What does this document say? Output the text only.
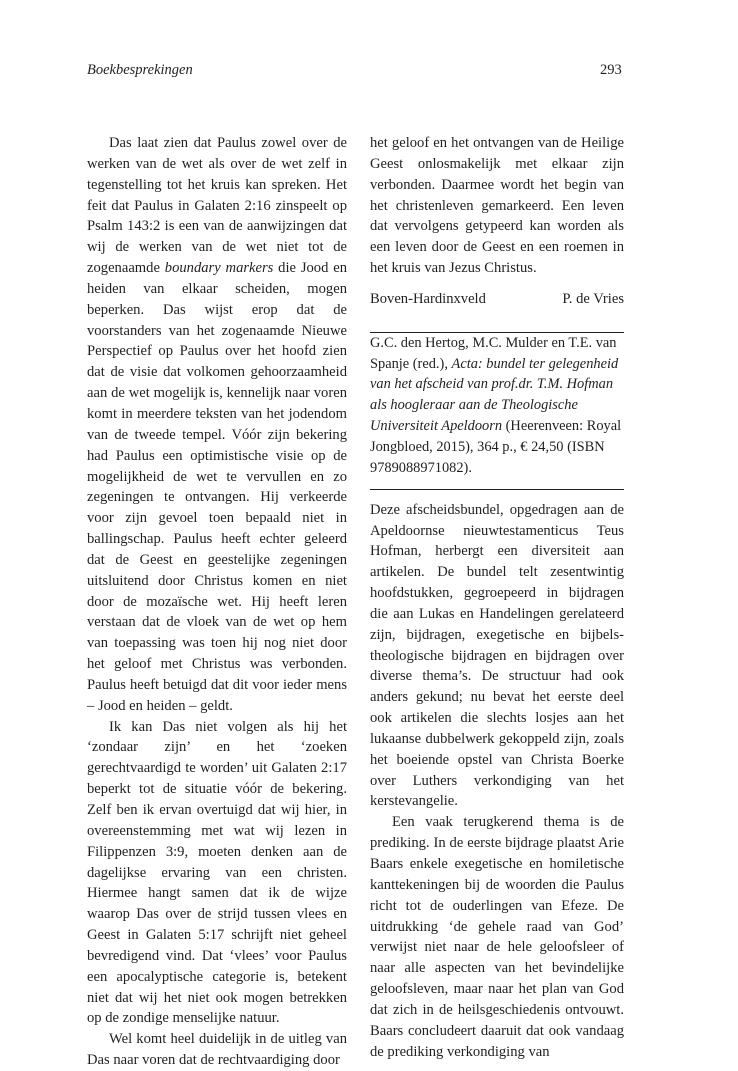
Boekbesprekingen	293

Das laat zien dat Paulus zowel over de werken van de wet als over de wet zelf in tegenstelling tot het kruis kan spreken. Het feit dat Paulus in Galaten 2:16 zinspeelt op Psalm 143:2 is een van de aanwijzingen dat wij de werken van de wet niet tot de zogenaamde boundary markers die Jood en heiden van elkaar scheiden, mogen beperken. Das wijst erop dat de voorstanders van het zogenaamde Nieuwe Perspectief op Paulus over het hoofd zien dat de visie dat volkomen gehoorzaamheid aan de wet mogelijk is, kennelijk naar voren komt in meerdere teksten van het jodendom van de tweede tempel. Vóór zijn bekering had Paulus een optimistische visie op de mogelijkheid de wet te vervullen en zo zegeningen te ontvangen. Hij verkeerde voor zijn gevoel toen bepaald niet in ballingschap. Paulus heeft echter geleerd dat de Geest en geestelijke zegeningen uitsluitend door Christus komen en niet door de mozaïsche wet. Hij heeft leren verstaan dat de vloek van de wet op hem van toepassing was toen hij nog niet door het geloof met Christus was verbonden. Paulus heeft betuigd dat dit voor ieder mens – Jood en heiden – geldt.

Ik kan Das niet volgen als hij het ‘zondaar zijn’ en het ‘zoeken gerechtvaardigd te worden’ uit Galaten 2:17 beperkt tot de situatie vóór de bekering. Zelf ben ik ervan overtuigd dat wij hier, in overeenstemming met wat wij lezen in Filippenzen 3:9, moeten denken aan de dagelijkse ervaring van een christen. Hiermee hangt samen dat ik de wijze waarop Das over de strijd tussen vlees en Geest in Galaten 5:17 schrijft niet geheel bevredigend vind. Dat ‘vlees’ voor Paulus een apocalyptische categorie is, betekent niet dat wij het niet ook mogen betrekken op de zondige menselijke natuur.

Wel komt heel duidelijk in de uitleg van Das naar voren dat de rechtvaardiging door

het geloof en het ontvangen van de Heilige Geest onlosmakelijk met elkaar zijn verbonden. Daarmee wordt het begin van het christenleven gemarkeerd. Een leven dat vervolgens getypeerd kan worden als een leven door de Geest en een roemen in het kruis van Jezus Christus.

Boven-Hardinxveld	P. de Vries

G.C. den Hertog, M.C. Mulder en T.E. van Spanje (red.), Acta: bundel ter gelegenheid van het afscheid van prof.dr. T.M. Hofman als hoogleraar aan de Theologische Universiteit Apeldoorn (Heerenveen: Royal Jongbloed, 2015), 364 p., € 24,50 (ISBN 9789088971082).

Deze afscheidsbundel, opgedragen aan de Apeldoornse nieuwtestamenticus Teus Hofman, herbergt een diversiteit aan artikelen. De bundel telt zesentwintig hoofdstukken, gegroepeerd in bijdragen die aan Lukas en Handelingen gerelateerd zijn, bijdragen, exegetische en bijbels-theologische bijdragen en bijdragen over diverse thema’s. De structuur had ook anders gekund; nu bevat het eerste deel ook artikelen die slechts losjes aan het lukaanse dubbelwerk gekoppeld zijn, zoals het boeiende opstel van Christa Boerke over Luthers verkondiging van het kerstevangelie.

Een vaak terugkerend thema is de prediking. In de eerste bijdrage plaatst Arie Baars enkele exegetische en homiletische kanttekeningen bij de woorden die Paulus richt tot de ouderlingen van Efeze. De uitdrukking ‘de gehele raad van God’ verwijst niet naar de hele geloofsleer of naar alle aspecten van het bevindelijke geloofsleven, maar naar het plan van God dat zich in de heilsgeschiedenis ontvouwt. Baars concludeert daaruit dat ook vandaag de prediking verkondiging van
